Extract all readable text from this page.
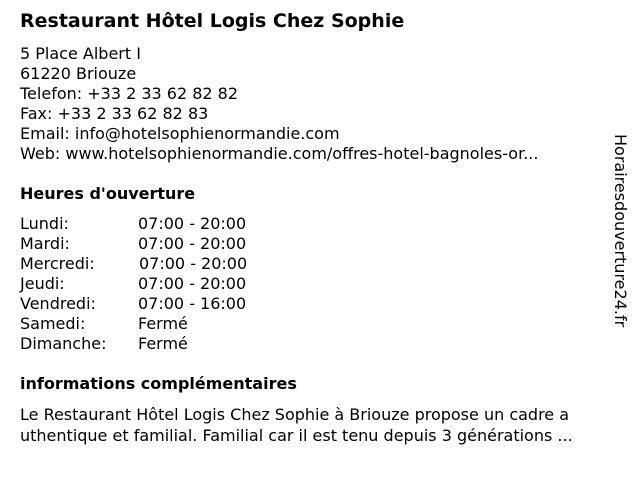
Restaurant Hôtel Logis Chez Sophie
5 Place Albert I
61220 Briouze
Telefon: +33 2 33 62 82 82
Fax: +33 2 33 62 82 83
Email: info@hotelsophienormandie.com
Web: www.hotelsophienormandie.com/offres-hotel-bagnoles-or...
Heures d'ouverture
Lundi:	07:00 - 20:00
Mardi:	07:00 - 20:00
Mercredi:	07:00 - 20:00
Jeudi:	07:00 - 20:00
Vendredi:	07:00 - 16:00
Samedi:	Fermé
Dimanche: Fermé
informations complémentaires
Le Restaurant Hôtel Logis Chez Sophie à Briouze propose un cadre a
uthentique et familial. Familial car il est tenu depuis 3 générations ...
Horairesdouverture24.fr
